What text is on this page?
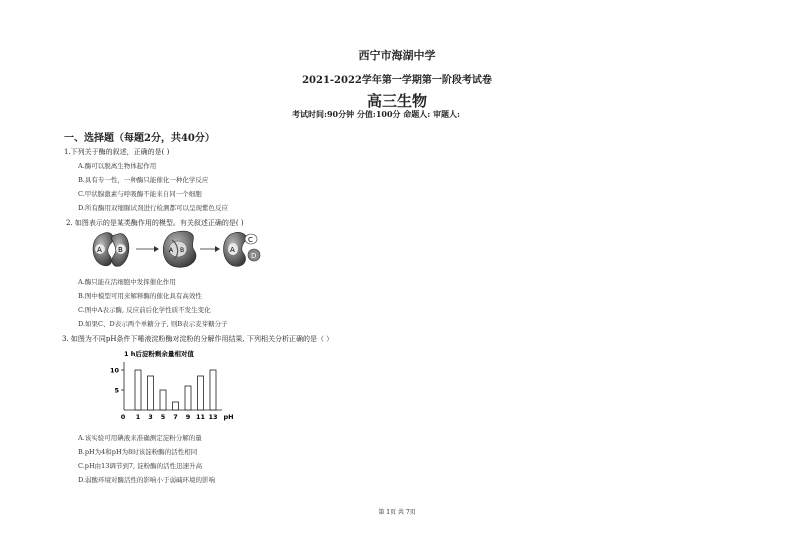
西宁市海湖中学
2021-2022学年第一学期第一阶段考试卷
高三生物
考试时间:90分钟 分值:100分 命题人: 审题人:
一、选择题（每题2分，共40分）
1.下列关于酶的叙述，正确的是( )
A.酶可以脱离生物体起作用
B.具有专一性，一种酶只能催化一种化学反应
C.甲状腺激素与呼吸酶不能来自同一个细胞
D.所有酶用双缩脲试剂进行检测都可以呈现紫色反应
2. 如图表示的是某类酶作用的模型。有关叙述正确的是( )
A B	A B	A
C
D
A.酶只能在活细胞中发挥催化作用
B.图中模型可用来解释酶的催化具有高效性
C.图中A表示酶, 反应前后化学性质不发生变化
D.如果C、D表示两个单糖分子, 则B表示麦芽糖分子
3. 如图为不同pH条件下唾液淀粉酶对淀粉的分解作用结果, 下列相关分析正确的是（ ）
1 h后淀粉剩余量相对值
0 1 3 5 7 9 11 13 pH
5
10
A.该实验可用碘液来准确测定淀粉分解的量
B.pH为4和pH为8时该淀粉酶的活性相同
C.pH由13调节到7, 淀粉酶的活性迅速升高
D.弱酸环境对酶活性的影响小于弱碱环境的影响
第 1页 共 7页
